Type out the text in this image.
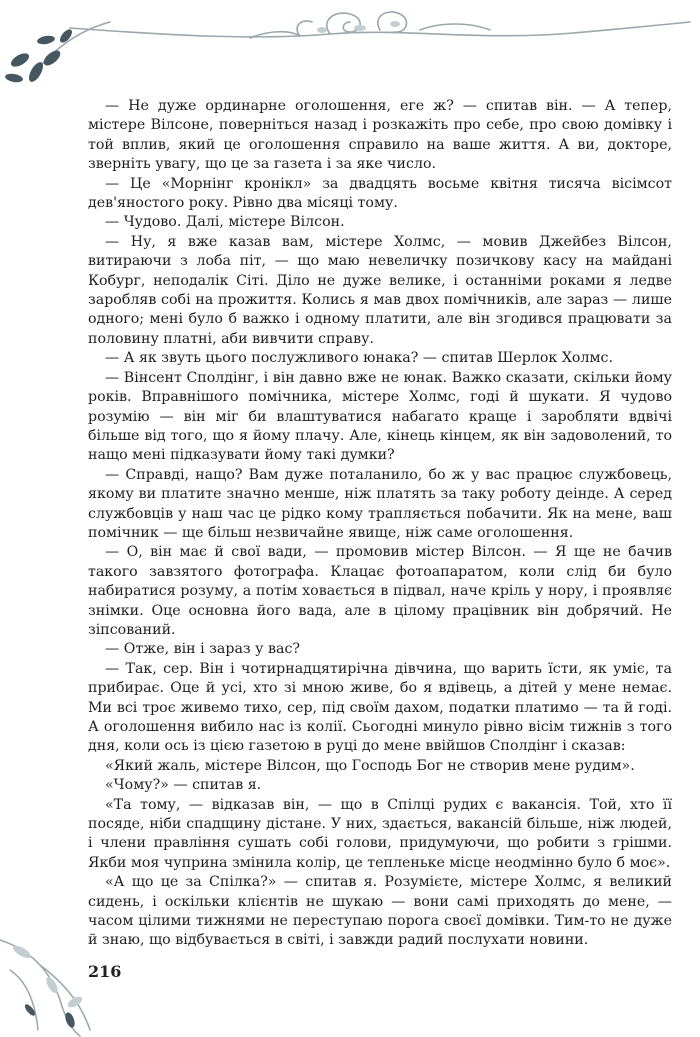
— Не дуже ординарне оголошення, еге ж? — спитав він. — А тепер, містере Вілсоне, поверніться назад і розкажіть про себе, про свою домівку і той вплив, який це оголошення справило на ваше життя. А ви, докторе, зверніть увагу, що це за газета і за яке число.

— Це «Морнінг кронікл» за двадцять восьме квітня тисяча вісімсот дев'яностого року. Рівно два місяці тому.

— Чудово. Далі, містере Вілсон.

— Ну, я вже казав вам, містере Холмс, — мовив Джейбез Вілсон, витираючи з лоба піт, — що маю невеличку позичкову касу на майдані Кобург, неподалік Сіті. Діло не дуже велике, і останніми роками я ледве заробляв собі на прожиття. Колись я мав двох помічників, але зараз — лише одного; мені було б важко і одному платити, але він згодився працювати за половину платні, аби вивчити справу.

— А як звуть цього послужливого юнака? — спитав Шерлок Холмс.

— Вінсент Сполдінг, і він давно вже не юнак. Важко сказати, скільки йому років. Вправнішого помічника, містере Холмс, годі й шукати. Я чудово розумію — він міг би влаштуватися набагато краще і заробляти вдвічі більше від того, що я йому плачу. Але, кінець кінцем, як він задоволений, то нащо мені підказувати йому такі думки?

— Справді, нащо? Вам дуже поталанило, бо ж у вас працює службовець, якому ви платите значно менше, ніж платять за таку роботу деінде. А серед службовців у наш час це рідко кому трапляється побачити. Як на мене, ваш помічник — ще більш незвичайне явище, ніж саме оголошення.

— О, він має й свої вади, — промовив містер Вілсон. — Я ще не бачив такого завзятого фотографа. Клацає фотоапаратом, коли слід би було набиратися розуму, а потім ховається в підвал, наче кріль у нору, і проявляє знімки. Оце основна його вада, але в цілому працівник він добрячий. Не зіпсований.

— Отже, він і зараз у вас?

— Так, сер. Він і чотирнадцятирічна дівчина, що варить їсти, як уміє, та прибирає. Оце й усі, хто зі мною живе, бо я вдівець, а дітей у мене немає. Ми всі троє живемо тихо, сер, під своїм дахом, податки платимо — та й годі. А оголошення вибило нас із колії. Сьогодні минуло рівно вісім тижнів з того дня, коли ось із цією газетою в руці до мене ввійшов Сполдінг і сказав:

«Який жаль, містере Вілсон, що Господь Бог не створив мене рудим».

«Чому?» — спитав я.

«Та тому, — відказав він, — що в Спілці рудих є вакансія. Той, хто її посяде, ніби спадщину дістане. У них, здається, вакансій більше, ніж людей, і члени правління сушать собі голови, придумуючи, що робити з грішми. Якби моя чуприна змінила колір, це тепленьке місце неодмінно було б моє».

«А що це за Спілка?» — спитав я. Розумієте, містере Холмс, я великий сидень, і оскільки клієнтів не шукаю — вони самі приходять до мене, — часом цілими тижнями не переступаю порога своєї домівки. Тим-то не дуже й знаю, що відбувається в світі, і завжди радий послухати новини.

216
